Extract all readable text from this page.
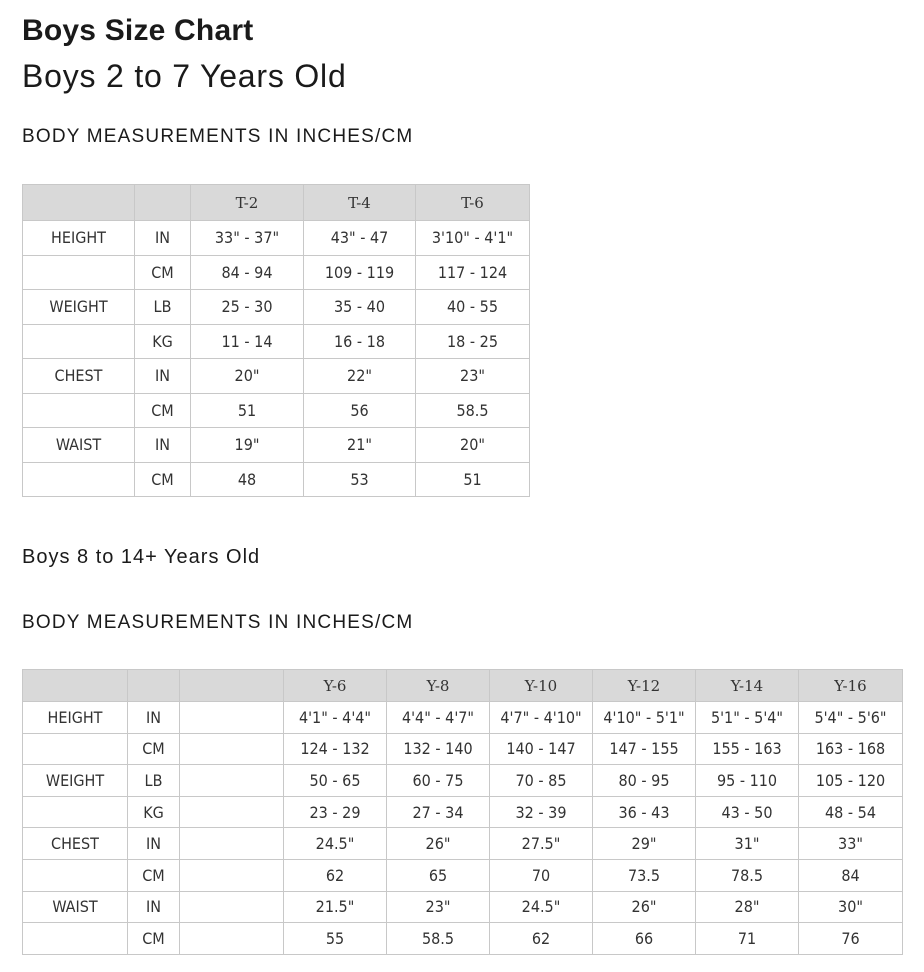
Boys Size Chart
Boys 2 to 7 Years Old
BODY MEASUREMENTS IN INCHES/CM
		T-2	T-4	T-6
HEIGHT	IN	33" - 37"	43" - 47	3'10" - 4'1"
	CM	84 - 94	109 - 119	117 - 124
WEIGHT	LB	25 - 30	35 - 40	40 - 55
	KG	11 - 14	16 - 18	18 - 25
CHEST	IN	20"	22"	23"
	CM	51	56	58.5
WAIST	IN	19"	21"	20"
	CM	48	53	51
Boys 8 to 14+ Years Old
BODY MEASUREMENTS IN INCHES/CM
			Y-6	Y-8	Y-10	Y-12	Y-14	Y-16
HEIGHT	IN		4'1" - 4'4"	4'4" - 4'7"	4'7" - 4'10"	4'10" - 5'1"	5'1" - 5'4"	5'4" - 5'6"
	CM		124 - 132	132 - 140	140 - 147	147 - 155	155 - 163	163 - 168
WEIGHT	LB		50 - 65	60 - 75	70 - 85	80 - 95	95 - 110	105 - 120
	KG		23 - 29	27 - 34	32 - 39	36 - 43	43 - 50	48 - 54
CHEST	IN		24.5"	26"	27.5"	29"	31"	33"
	CM		62	65	70	73.5	78.5	84
WAIST	IN		21.5"	23"	24.5"	26"	28"	30"
	CM		55	58.5	62	66	71	76
